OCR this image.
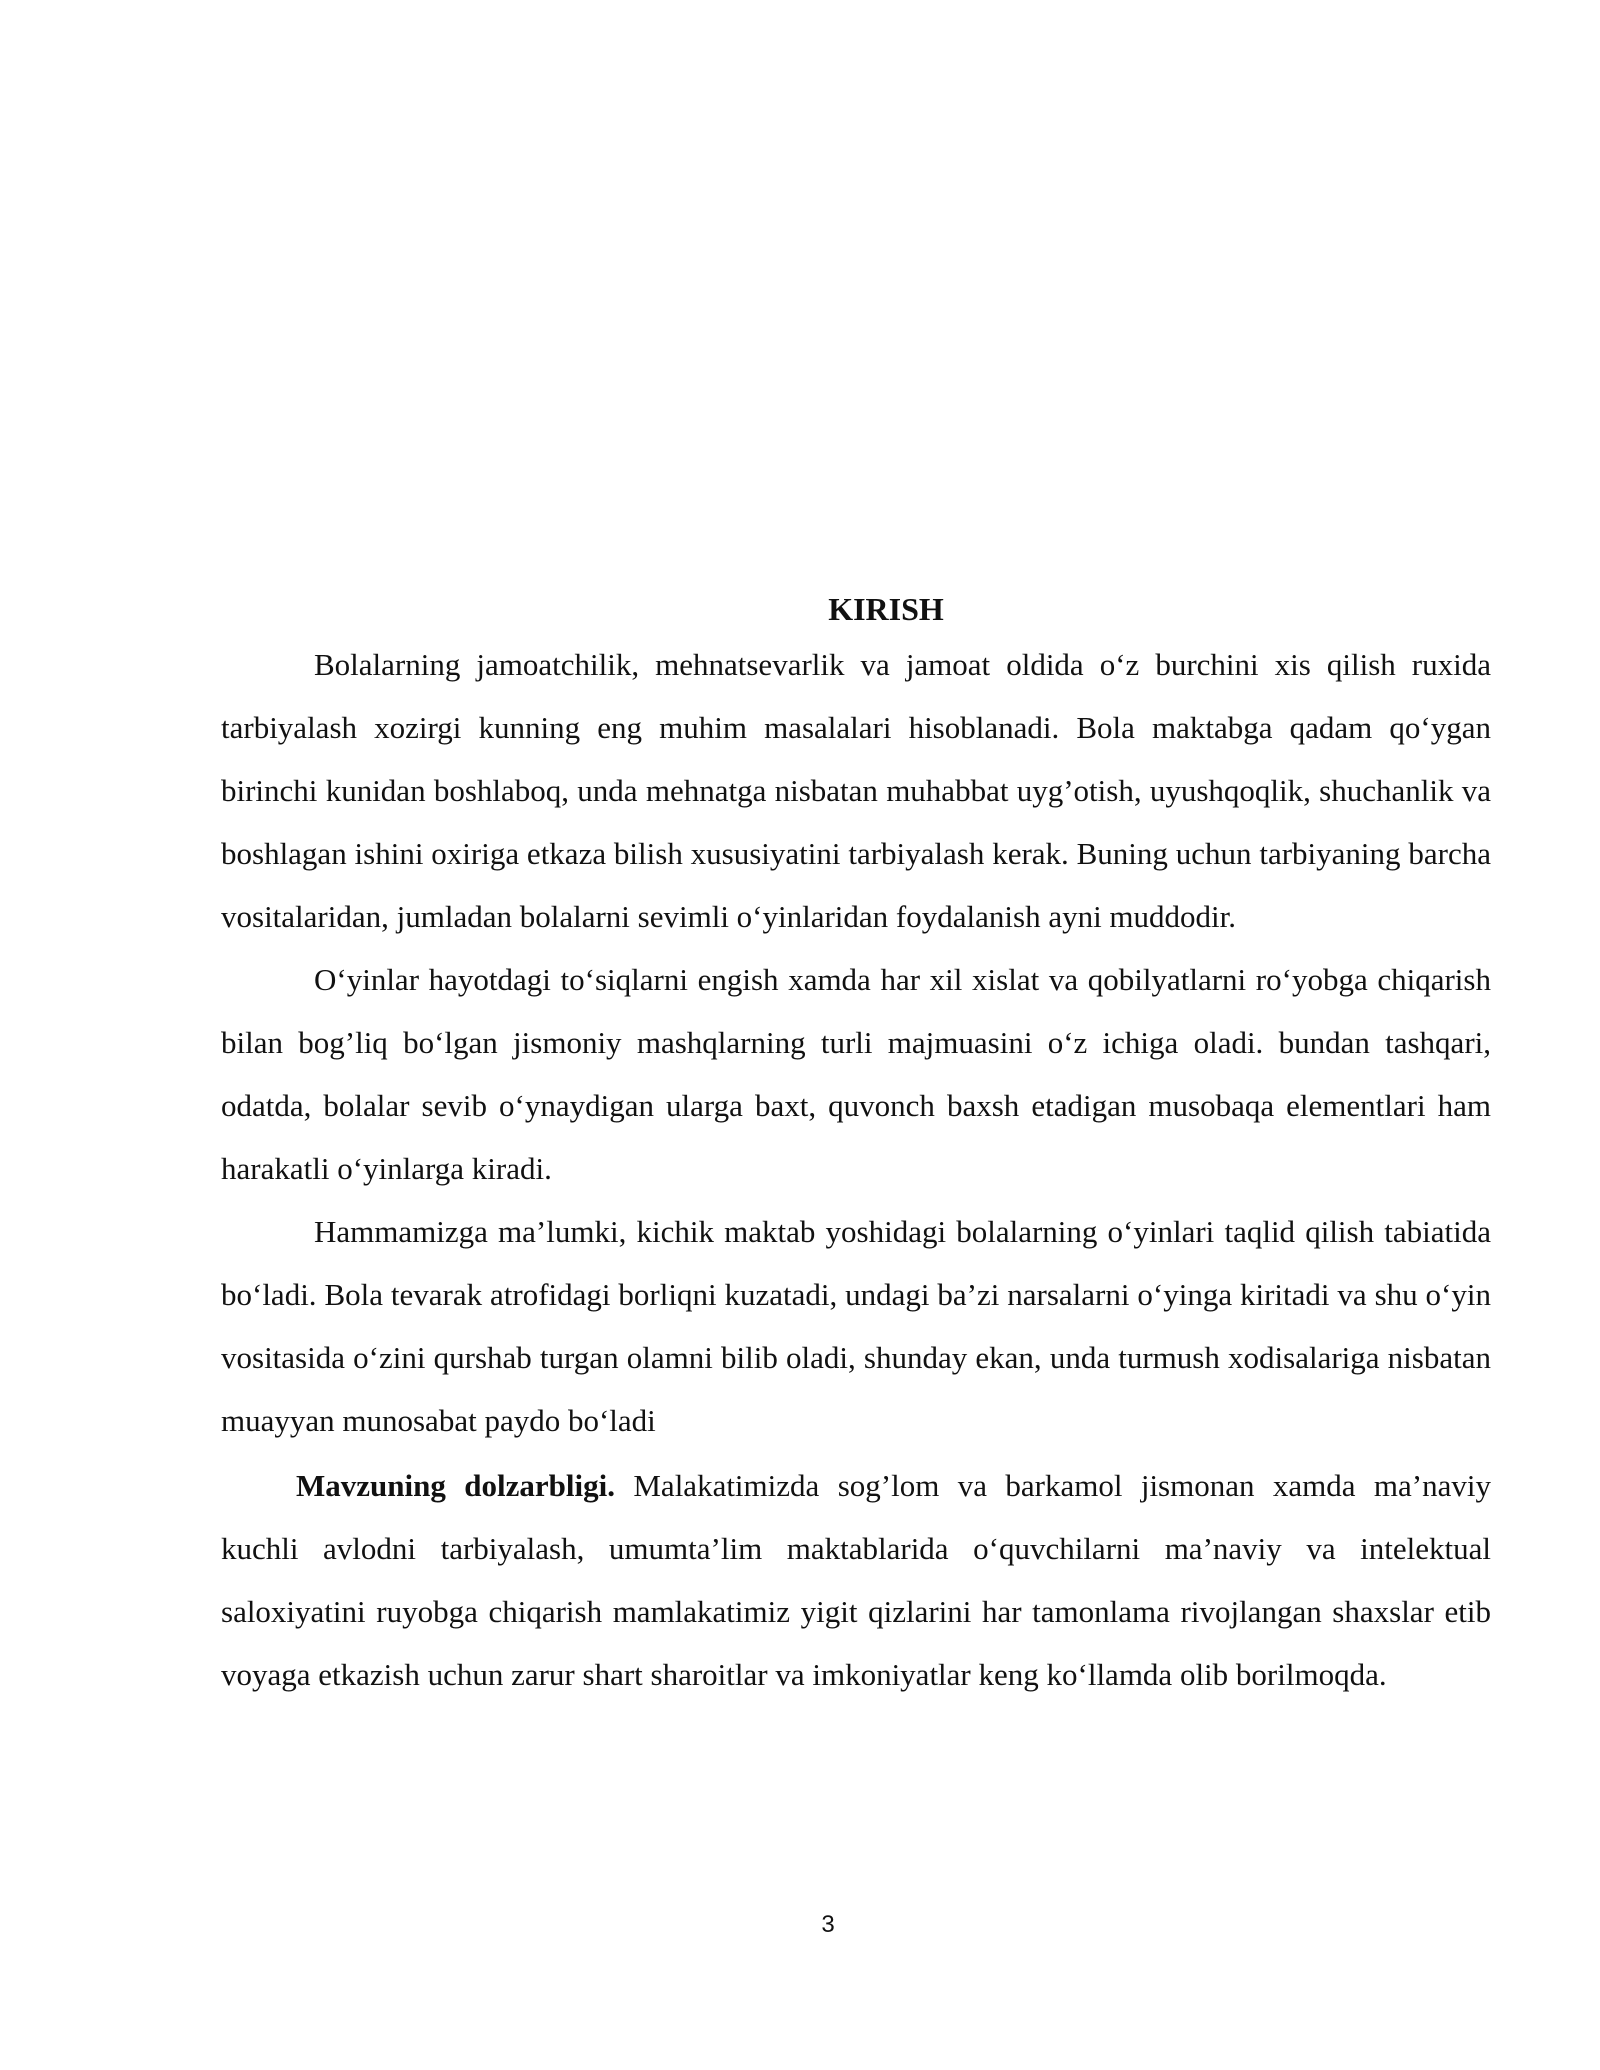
KIRISH

Bolalarning jamoatchilik, mehnatsevarlik va jamoat oldida o‘z burchini xis qilish ruxida tarbiyalash xozirgi kunning eng muhim masalalari hisoblanadi. Bola maktabga qadam qo‘ygan birinchi kunidan boshlaboq, unda mehnatga nisbatan muhabbat uyg’otish, uyushqoqlik, shuchanlik va boshlagan ishini oxiriga etkaza bilish xususiyatini tarbiyalash kerak. Buning uchun tarbiyaning barcha vositalaridan, jumladan bolalarni sevimli o‘yinlaridan foydalanish ayni muddodir.

O‘yinlar hayotdagi to‘siqlarni engish xamda har xil xislat va qobilyatlarni ro‘yobga chiqarish bilan bog’liq bo‘lgan jismoniy mashqlarning turli majmuasini o‘z ichiga oladi. bundan tashqari, odatda, bolalar sevib o‘ynaydigan ularga baxt, quvonch baxsh etadigan musobaqa elementlari ham harakatli o‘yinlarga kiradi.

Hammamizga ma’lumki, kichik maktab yoshidagi bolalarning o‘yinlari taqlid qilish tabiatida bo‘ladi. Bola tevarak atrofidagi borliqni kuzatadi, undagi ba’zi narsalarni o‘yinga kiritadi va shu o‘yin vositasida o‘zini qurshab turgan olamni bilib oladi, shunday ekan, unda turmush xodisalariga nisbatan muayyan munosabat paydo bo‘ladi

Mavzuning dolzarbligi. Malakatimizda sog’lom va barkamol jismonan xamda ma’naviy kuchli avlodni tarbiyalash, umumta’lim maktablarida o‘quvchilarni ma’naviy va intelektual saloxiyatini ruyobga chiqarish mamlakatimiz yigit qizlarini har tamonlama rivojlangan shaxslar etib voyaga etkazish uchun zarur shart sharoitlar va imkoniyatlar keng ko‘llamda olib borilmoqda.

3
